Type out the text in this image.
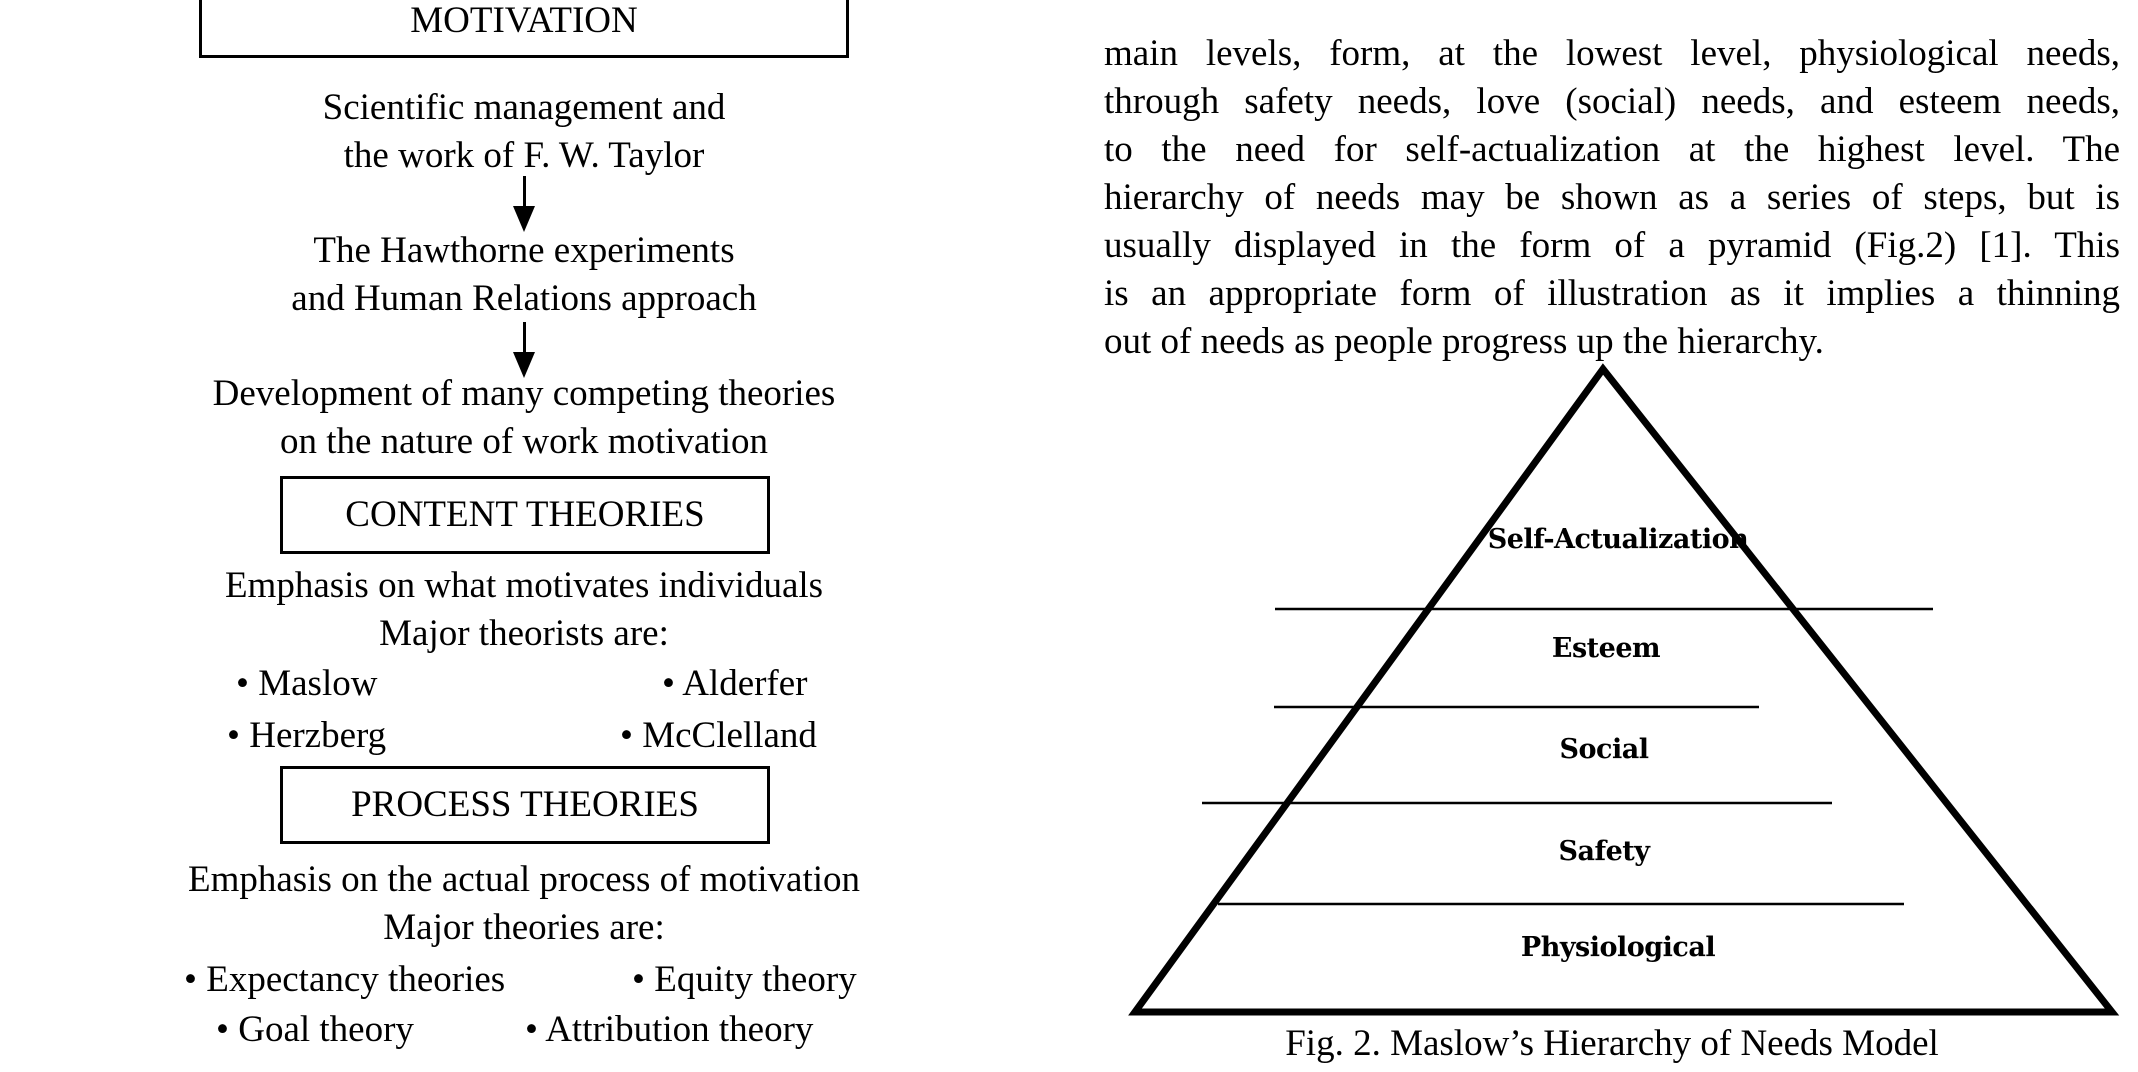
MOTIVATION
Scientific management and
the work of F. W. Taylor
The Hawthorne experiments
and Human Relations approach
Development of many competing theories
on the nature of work motivation
CONTENT THEORIES
Emphasis on what motivates individuals
Major theorists are:
• Maslow	• Alderfer
• Herzberg	• McClelland
PROCESS THEORIES
Emphasis on the actual process of motivation
Major theories are:
• Expectancy theories	• Equity theory
• Goal theory	• Attribution theory
main levels, form, at the lowest level, physiological needs,
through safety needs, love (social) needs, and esteem needs,
to the need for self-actualization at the highest level. The
hierarchy of needs may be shown as a series of steps, but is
usually displayed in the form of a pyramid (Fig.2) [1]. This
is an appropriate form of illustration as it implies a thinning
out of needs as people progress up the hierarchy.
Self-Actualization
Esteem
Social
Safety
Physiological
Fig. 2. Maslow’s Hierarchy of Needs Model
